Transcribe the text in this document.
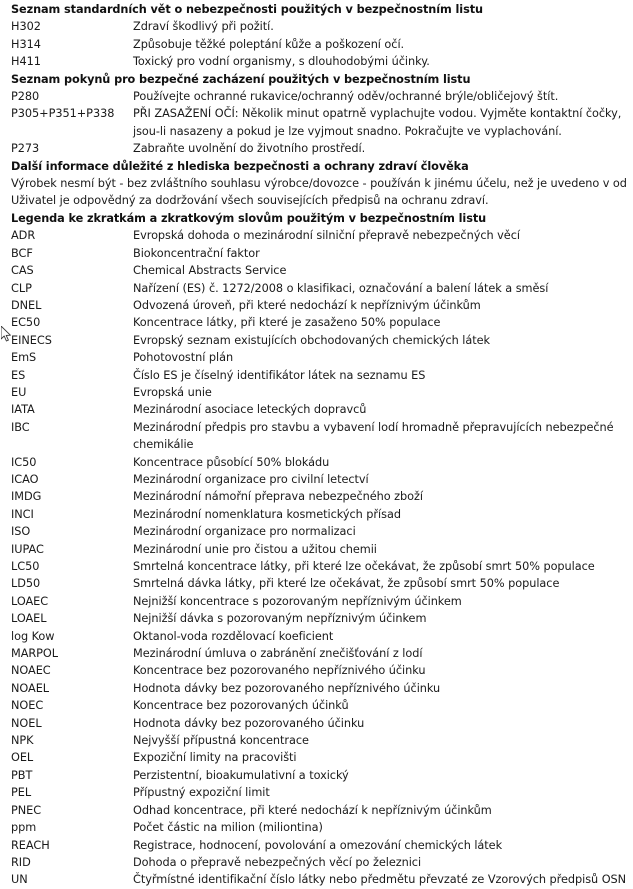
Seznam standardních vět o nebezpečnosti použitých v bezpečnostním listu
H302	Zdraví škodlivý při požití.
H314	Způsobuje těžké poleptání kůže a poškození očí.
H411	Toxický pro vodní organismy, s dlouhodobými účinky.
Seznam pokynů pro bezpečné zacházení použitých v bezpečnostním listu
P280	Používejte ochranné rukavice/ochranný oděv/ochranné brýle/obličejový štít.
P305+P351+P338	PŘI ZASAŽENÍ OČÍ: Několik minut opatrně vyplachujte vodou. Vyjměte kontaktní čočky,
jsou-li nasazeny a pokud je lze vyjmout snadno. Pokračujte ve vyplachování.
P273	Zabraňte uvolnění do životního prostředí.
Další informace důležité z hlediska bezpečnosti a ochrany zdraví člověka
Výrobek nesmí být - bez zvláštního souhlasu výrobce/dovozce - používán k jinému účelu, než je uvedeno v od
Uživatel je odpovědný za dodržování všech souvisejících předpisů na ochranu zdraví.
Legenda ke zkratkám a zkratkovým slovům použitým v bezpečnostním listu
ADR	Evropská dohoda o mezinárodní silniční přepravě nebezpečných věcí
BCF	Biokoncentrační faktor
CAS	Chemical Abstracts Service
CLP	Nařízení (ES) č. 1272/2008 o klasifikaci, označování a balení látek a směsí
DNEL	Odvozená úroveň, při které nedochází k nepříznivým účinkům
EC50	Koncentrace látky, při které je zasaženo 50% populace
EINECS	Evropský seznam existujících obchodovaných chemických látek
EmS	Pohotovostní plán
ES	Číslo ES je číselný identifikátor látek na seznamu ES
EU	Evropská unie
IATA	Mezinárodní asociace leteckých dopravců
IBC	Mezinárodní předpis pro stavbu a vybavení lodí hromadně přepravujících nebezpečné
chemikálie
IC50	Koncentrace působící 50% blokádu
ICAO	Mezinárodní organizace pro civilní letectví
IMDG	Mezinárodní námořní přeprava nebezpečného zboží
INCI	Mezinárodní nomenklatura kosmetických přísad
ISO	Mezinárodní organizace pro normalizaci
IUPAC	Mezinárodní unie pro čistou a užitou chemii
LC50	Smrtelná koncentrace látky, při které lze očekávat, že způsobí smrt 50% populace
LD50	Smrtelná dávka látky, při které lze očekávat, že způsobí smrt 50% populace
LOAEC	Nejnižší koncentrace s pozorovaným nepříznivým účinkem
LOAEL	Nejnižší dávka s pozorovaným nepříznivým účinkem
log Kow	Oktanol-voda rozdělovací koeficient
MARPOL	Mezinárodní úmluva o zabránění znečišťování z lodí
NOAEC	Koncentrace bez pozorovaného nepříznivého účinku
NOAEL	Hodnota dávky bez pozorovaného nepříznivého účinku
NOEC	Koncentrace bez pozorovaných účinků
NOEL	Hodnota dávky bez pozorovaného účinku
NPK	Nejvyšší přípustná koncentrace
OEL	Expoziční limity na pracovišti
PBT	Perzistentní, bioakumulativní a toxický
PEL	Přípustný expoziční limit
PNEC	Odhad koncentrace, při které nedochází k nepříznivým účinkům
ppm	Počet částic na milion (miliontina)
REACH	Registrace, hodnocení, povolování a omezování chemických látek
RID	Dohoda o přepravě nebezpečných věcí po železnici
UN	Čtyřmístné identifikační číslo látky nebo předmětu převzaté ze Vzorových předpisů OSN
